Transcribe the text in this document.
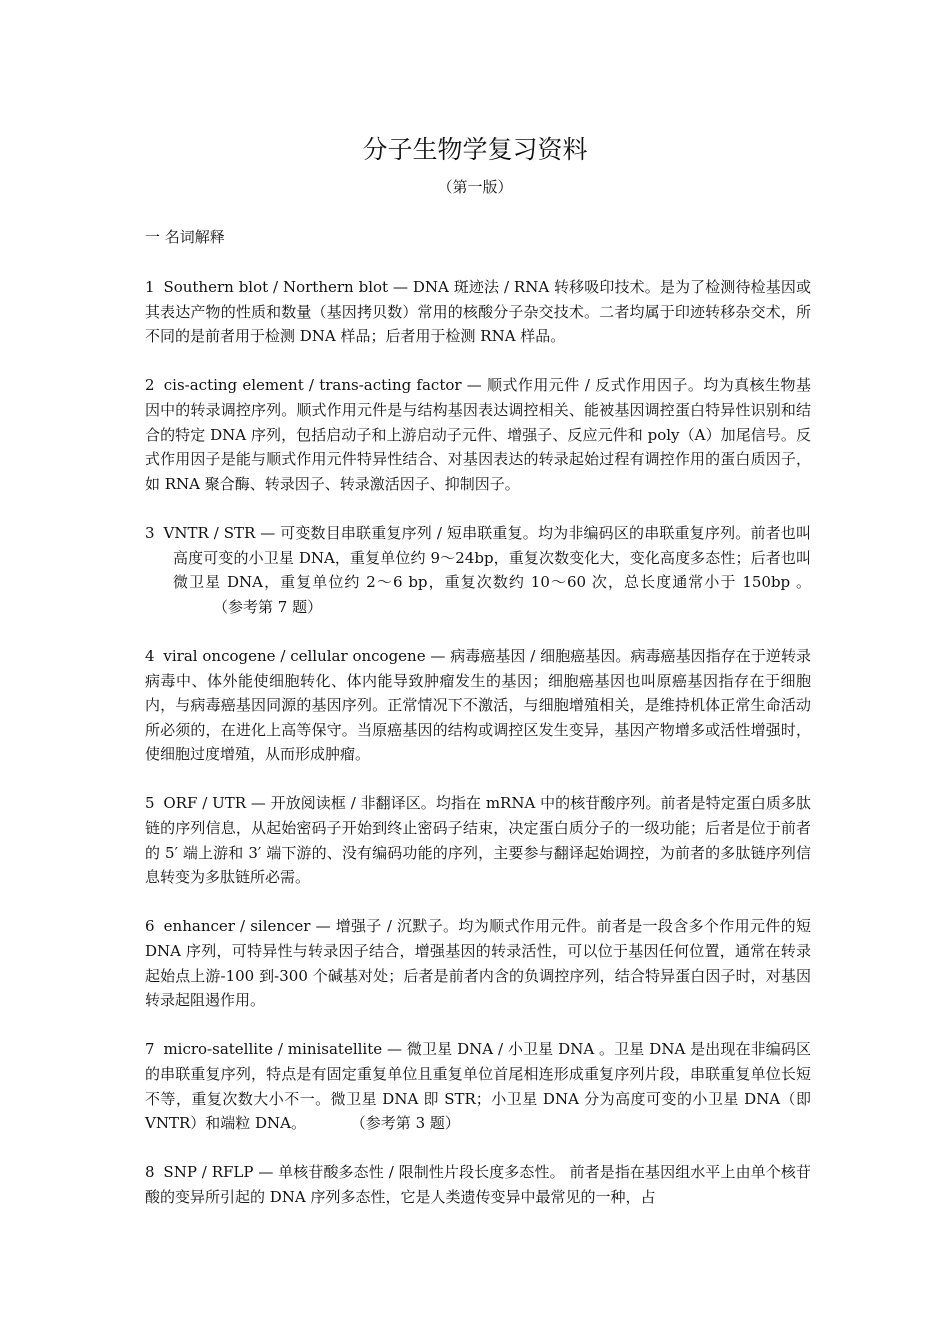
分子生物学复习资料
（第一版）
一 名词解释

1 Southern blot / Northern blot — DNA 斑迹法 / RNA 转移吸印技术。是为了检测待检基因或其表达产物的性质和数量（基因拷贝数）常用的核酸分子杂交技术。二者均属于印迹转移杂交术，所不同的是前者用于检测 DNA 样品；后者用于检测 RNA 样品。

2 cis-acting element / trans-acting factor — 顺式作用元件 / 反式作用因子。均为真核生物基因中的转录调控序列。顺式作用元件是与结构基因表达调控相关、能被基因调控蛋白特异性识别和结合的特定 DNA 序列，包括启动子和上游启动子元件、增强子、反应元件和 poly（A）加尾信号。反式作用因子是能与顺式作用元件特异性结合、对基因表达的转录起始过程有调控作用的蛋白质因子，如 RNA 聚合酶、转录因子、转录激活因子、抑制因子。

3 VNTR / STR — 可变数目串联重复序列 / 短串联重复。均为非编码区的串联重复序列。前者也叫高度可变的小卫星 DNA，重复单位约 9～24bp，重复次数变化大，变化高度多态性；后者也叫微卫星 DNA，重复单位约 2～6 bp，重复次数约 10～60 次，总长度通常小于 150bp 。 （参考第 7 题）

4 viral oncogene / cellular oncogene — 病毒癌基因 / 细胞癌基因。病毒癌基因指存在于逆转录病毒中、体外能使细胞转化、体内能导致肿瘤发生的基因；细胞癌基因也叫原癌基因指存在于细胞内，与病毒癌基因同源的基因序列。正常情况下不激活，与细胞增殖相关，是维持机体正常生命活动所必须的，在进化上高等保守。当原癌基因的结构或调控区发生变异，基因产物增多或活性增强时，使细胞过度增殖，从而形成肿瘤。

5 ORF / UTR — 开放阅读框 / 非翻译区。均指在 mRNA 中的核苷酸序列。前者是特定蛋白质多肽链的序列信息，从起始密码子开始到终止密码子结束，决定蛋白质分子的一级功能；后者是位于前者的 5′ 端上游和 3′ 端下游的、没有编码功能的序列，主要参与翻译起始调控，为前者的多肽链序列信息转变为多肽链所必需。

6 enhancer / silencer — 增强子 / 沉默子。均为顺式作用元件。前者是一段含多个作用元件的短 DNA 序列，可特异性与转录因子结合，增强基因的转录活性，可以位于基因任何位置，通常在转录起始点上游-100 到-300 个碱基对处；后者是前者内含的负调控序列，结合特异蛋白因子时，对基因转录起阻遏作用。

7 micro-satellite / minisatellite — 微卫星 DNA / 小卫星 DNA 。卫星 DNA 是出现在非编码区的串联重复序列，特点是有固定重复单位且重复单位首尾相连形成重复序列片段，串联重复单位长短不等，重复次数大小不一。微卫星 DNA 即 STR；小卫星 DNA 分为高度可变的小卫星 DNA（即 VNTR）和端粒 DNA。	（参考第 3 题）

8 SNP / RFLP — 单核苷酸多态性 / 限制性片段长度多态性。 前者是指在基因组水平上由单个核苷酸的变异所引起的 DNA 序列多态性，它是人类遗传变异中最常见的一种，占
